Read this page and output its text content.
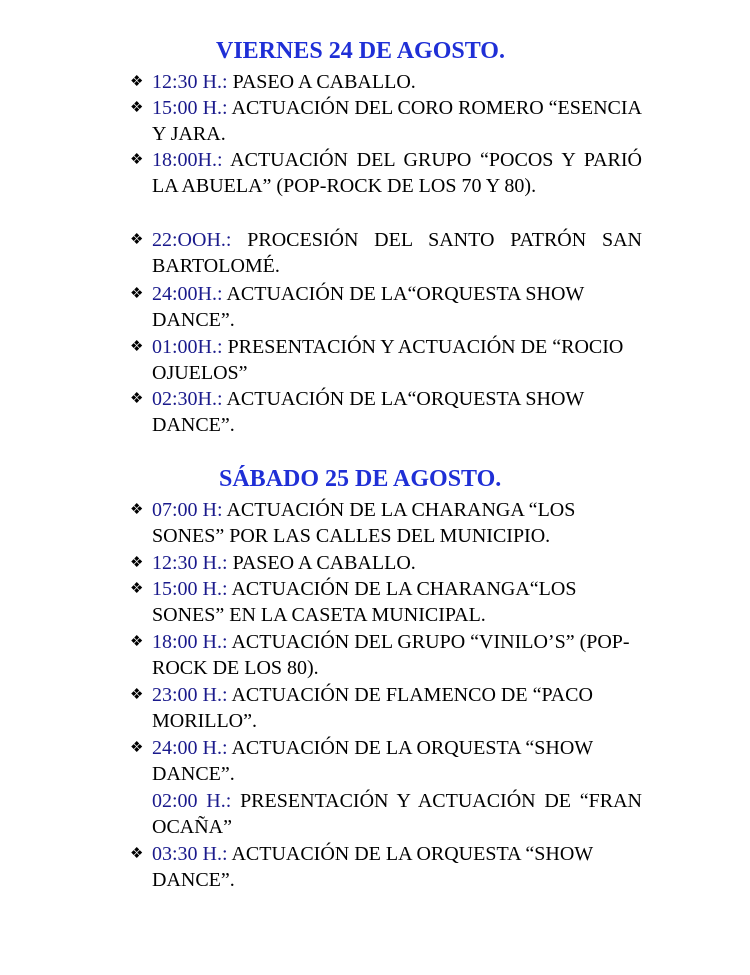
VIERNES 24 DE AGOSTO.
❖ 12:30 H.: PASEO A CABALLO.
❖ 15:00 H.: ACTUACIÓN DEL CORO ROMERO “ESENCIA Y JARA.
❖ 18:00H.: ACTUACIÓN DEL GRUPO “POCOS Y PARIÓ LA ABUELA” (POP-ROCK DE LOS 70 Y 80).
❖ 22:OOH.: PROCESIÓN DEL SANTO PATRÓN SAN BARTOLOMÉ.
❖ 24:00H.: ACTUACIÓN DE LA“ORQUESTA SHOW DANCE”.
❖ 01:00H.: PRESENTACIÓN Y ACTUACIÓN DE “ROCIO OJUELOS”
❖ 02:30H.: ACTUACIÓN DE LA“ORQUESTA SHOW DANCE”.
SÁBADO 25 DE AGOSTO.
❖ 07:00 H: ACTUACIÓN DE LA CHARANGA “LOS SONES” POR LAS CALLES DEL MUNICIPIO.
❖ 12:30 H.: PASEO A CABALLO.
❖ 15:00 H.: ACTUACIÓN DE LA CHARANGA“LOS SONES” EN LA CASETA MUNICIPAL.
❖ 18:00 H.: ACTUACIÓN DEL GRUPO “VINILO’S” (POP-ROCK DE LOS 80).
❖ 23:00 H.: ACTUACIÓN DE FLAMENCO DE “PACO MORILLO”.
❖ 24:00 H.: ACTUACIÓN DE LA ORQUESTA “SHOW DANCE”.
02:00 H.: PRESENTACIÓN Y ACTUACIÓN DE “FRAN OCAÑA”
❖ 03:30 H.: ACTUACIÓN DE LA ORQUESTA “SHOW DANCE”.
